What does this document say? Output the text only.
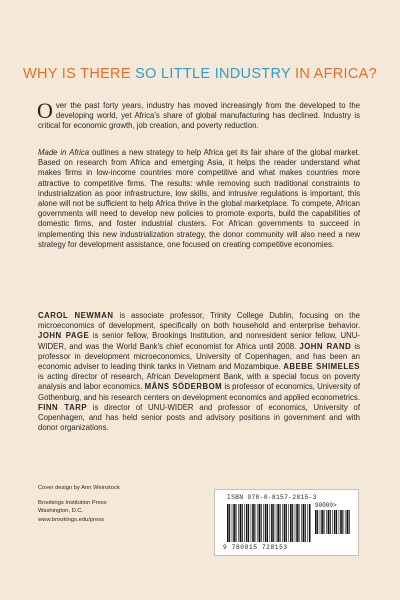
WHY IS THERE SO LITTLE INDUSTRY IN AFRICA?
Over the past forty years, industry has moved increasingly from the developed to the developing world, yet Africa's share of global manufacturing has declined. Industry is critical for economic growth, job creation, and poverty reduction.
Made in Africa outlines a new strategy to help Africa get its fair share of the global market. Based on research from Africa and emerging Asia, it helps the reader understand what makes firms in low-income countries more competitive and what makes countries more attractive to competitive firms. The results: while removing such traditional constraints to industrialization as poor infrastructure, low skills, and intrusive regulations is important, this alone will not be sufficient to help Africa thrive in the global marketplace. To compete, African governments will need to develop new policies to promote exports, build the capabilities of domestic firms, and foster industrial clusters. For African governments to succeed in implementing this new industrialization strategy, the donor community will also need a new strategy for development assistance, one focused on creating competitive economies.
CAROL NEWMAN is associate professor, Trinity College Dublin, focusing on the microeconomics of development, specifically on both household and enterprise behavior. JOHN PAGE is senior fellow, Brookings Institution, and nonresident senior fellow, UNU-WIDER, and was the World Bank's chief economist for Africa until 2008. JOHN RAND is professor in development microeconomics, University of Copenhagen, and has been an economic adviser to leading think tanks in Vietnam and Mozambique. ABEBE SHIMELES is acting director of research, African Development Bank, with a special focus on poverty analysis and labor economics. MÅNS SÖDERBOM is professor of economics, University of Gothenburg, and his research centers on development economics and applied econometrics. FINN TARP is director of UNU-WIDER and professor of economics, University of Copenhagen, and has held senior posts and advisory positions in government and with donor organizations.
Cover design by Ann Weinstock
Brookings Institution Press
Washington, D.C.
www.brookings.edu/press
ISBN 978-0-8157-2815-3
90000>
9 780815 728153
